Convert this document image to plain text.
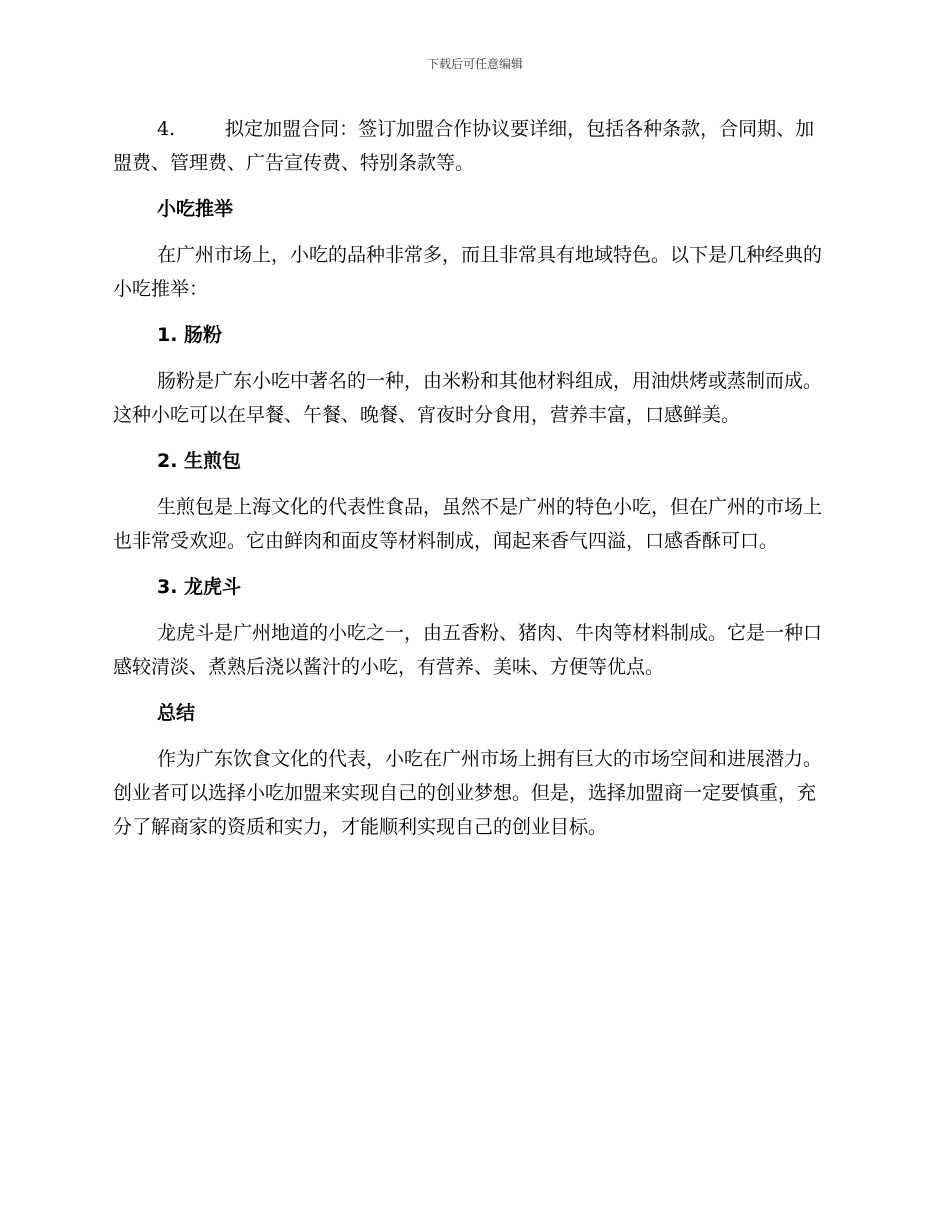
下载后可任意编辑

4.	拟定加盟合同：签订加盟合作协议要详细，包括各种条款，合同期、加盟费、管理费、广告宣传费、特别条款等。

小吃推举

在广州市场上，小吃的品种非常多，而且非常具有地域特色。以下是几种经典的小吃推举：

1. 肠粉

肠粉是广东小吃中著名的一种，由米粉和其他材料组成，用油烘烤或蒸制而成。这种小吃可以在早餐、午餐、晚餐、宵夜时分食用，营养丰富，口感鲜美。

2. 生煎包

生煎包是上海文化的代表性食品，虽然不是广州的特色小吃，但在广州的市场上也非常受欢迎。它由鲜肉和面皮等材料制成，闻起来香气四溢，口感香酥可口。

3. 龙虎斗

龙虎斗是广州地道的小吃之一，由五香粉、猪肉、牛肉等材料制成。它是一种口感较清淡、煮熟后浇以酱汁的小吃，有营养、美味、方便等优点。

总结

作为广东饮食文化的代表，小吃在广州市场上拥有巨大的市场空间和进展潜力。创业者可以选择小吃加盟来实现自己的创业梦想。但是，选择加盟商一定要慎重，充分了解商家的资质和实力，才能顺利实现自己的创业目标。
